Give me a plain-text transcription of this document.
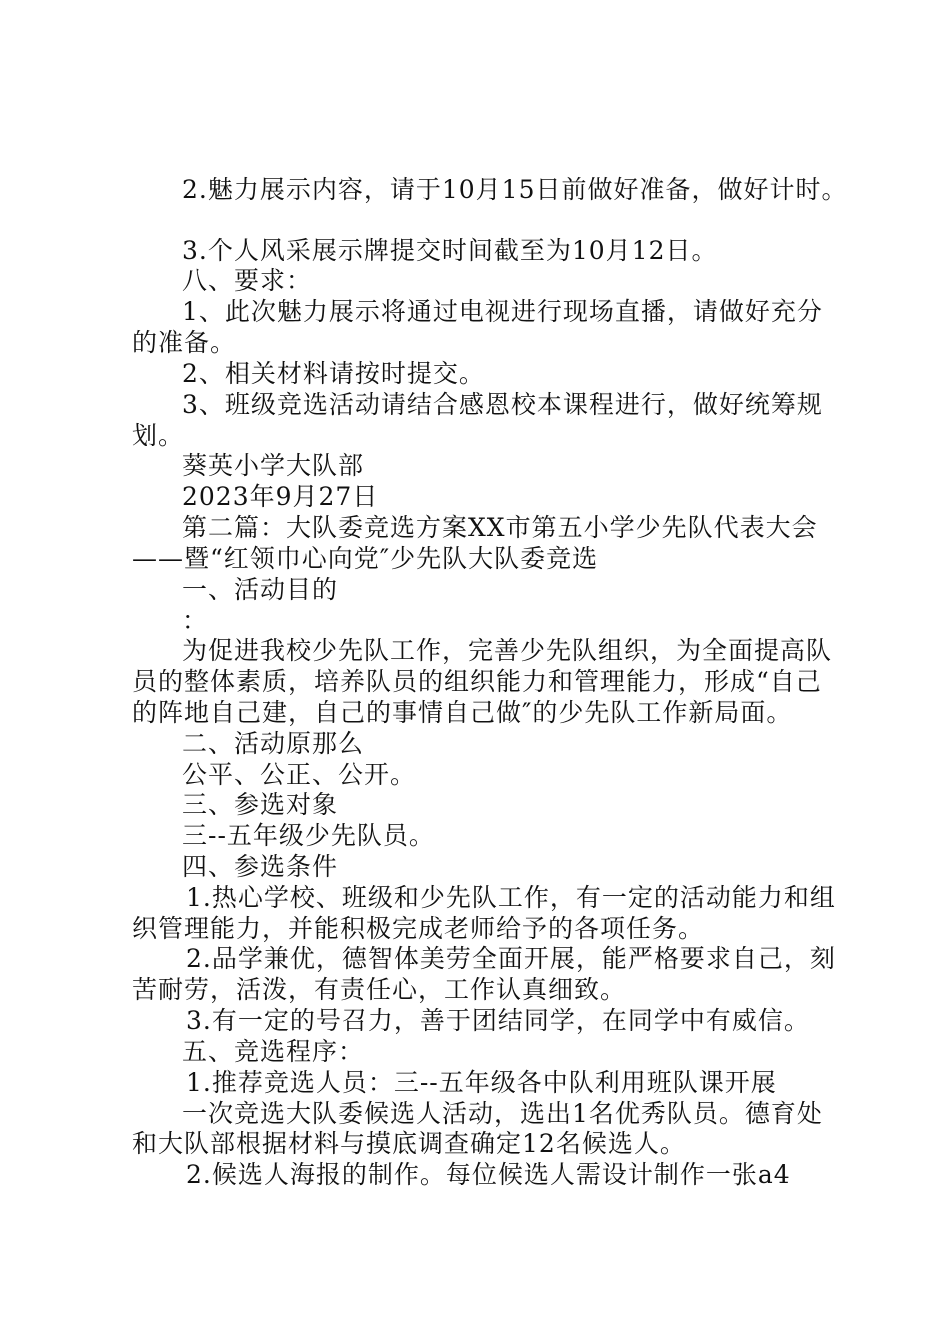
2.魅力展示内容，请于10月15日前做好准备，做好计时。
3.个人风采展示牌提交时间截至为10月12日。
八、要求：
1、此次魅力展示将通过电视进行现场直播，请做好充分
的准备。
2、相关材料请按时提交。
3、班级竞选活动请结合感恩校本课程进行，做好统筹规
划。
葵英小学大队部
2023年9月27日
第二篇：大队委竞选方案XX市第五小学少先队代表大会
——暨“红领巾心向党″少先队大队委竞选
一、活动目的
：
为促进我校少先队工作，完善少先队组织，为全面提高队
员的整体素质，培养队员的组织能力和管理能力，形成“自己
的阵地自己建，自己的事情自己做″的少先队工作新局面。
二、活动原那么
公平、公正、公开。
三、参选对象
三--五年级少先队员。
四、参选条件
1.热心学校、班级和少先队工作，有一定的活动能力和组
织管理能力，并能积极完成老师给予的各项任务。
2.品学兼优，德智体美劳全面开展，能严格要求自己，刻
苦耐劳，活泼，有责任心，工作认真细致。
3.有一定的号召力，善于团结同学，在同学中有威信。
五、竞选程序：
1.推荐竞选人员：三--五年级各中队利用班队课开展
一次竞选大队委候选人活动，选出1名优秀队员。德育处
和大队部根据材料与摸底调查确定12名候选人。
2.候选人海报的制作。每位候选人需设计制作一张a4
